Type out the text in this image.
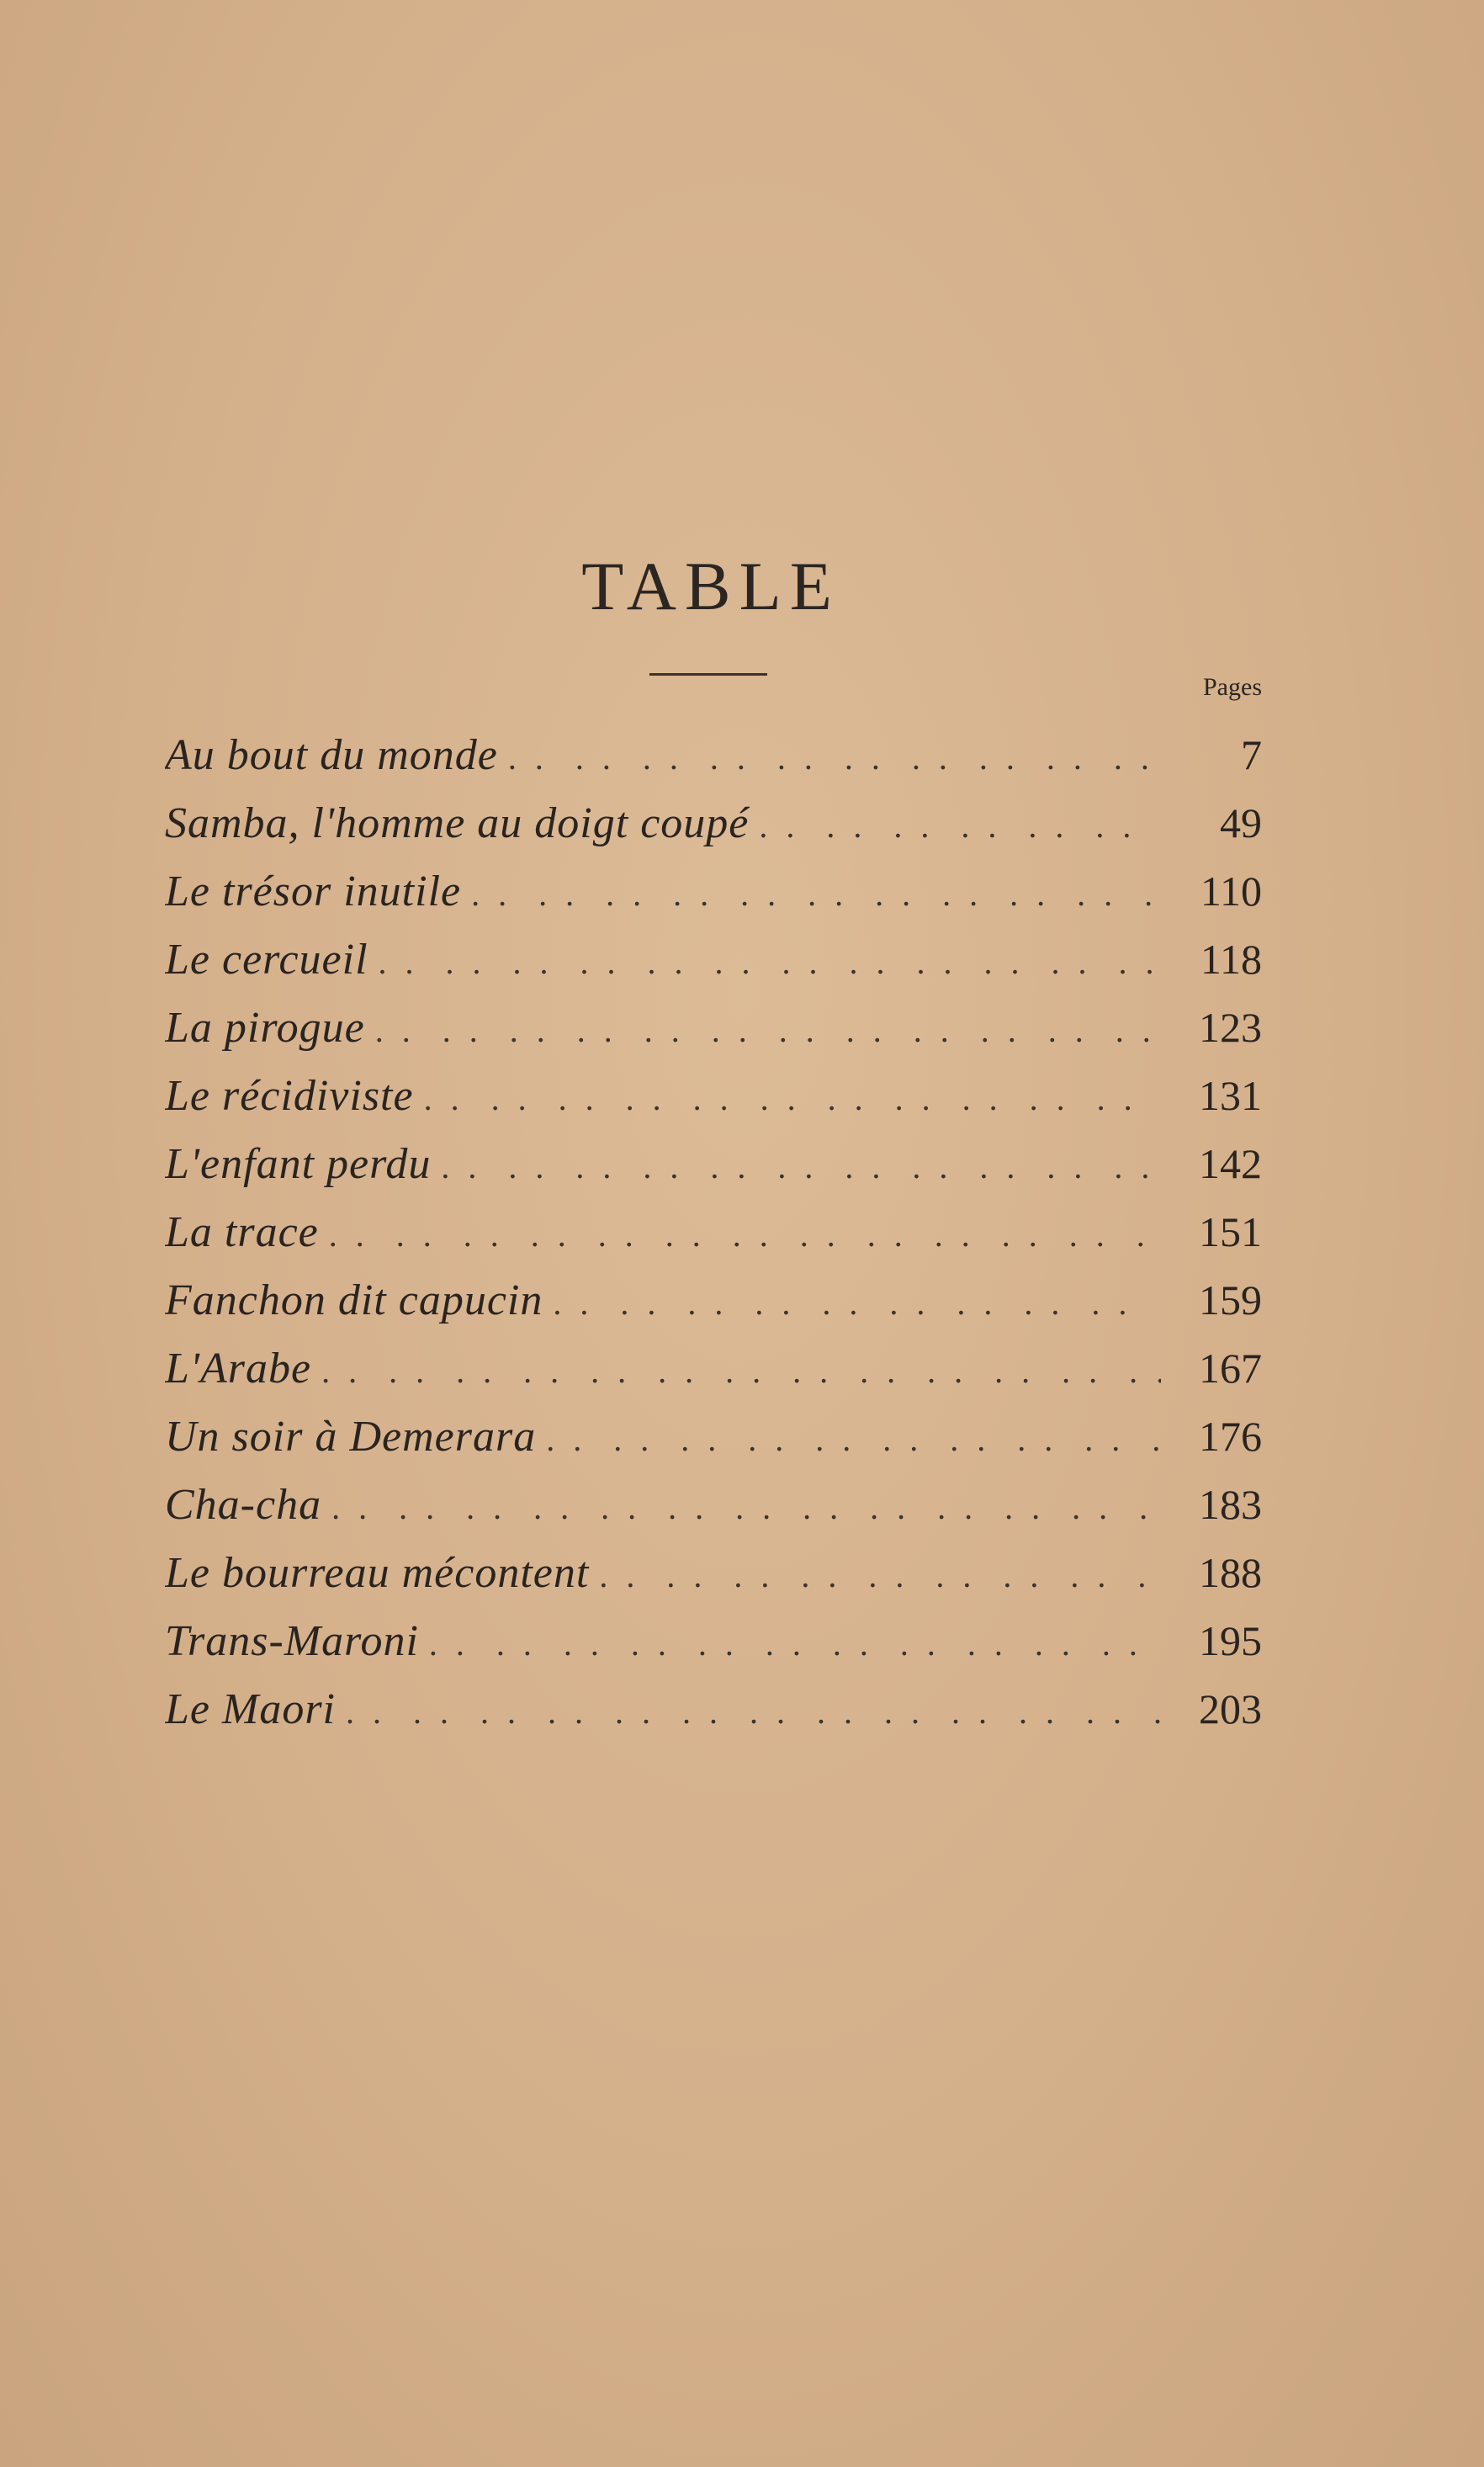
TABLE
Pages
Au bout du monde . .	7
Samba, l'homme au doigt coupé . .	49
Le trésor inutile . .	110
Le cercueil . .	118
La pirogue . .	123
Le récidiviste . .	131
L'enfant perdu . .	142
La trace . .	151
Fanchon dit capucin . .	159
L'Arabe . .	167
Un soir à Demerara . .	176
Cha-cha . .	183
Le bourreau mécontent . .	188
Trans-Maroni . .	195
Le Maori . .	203
